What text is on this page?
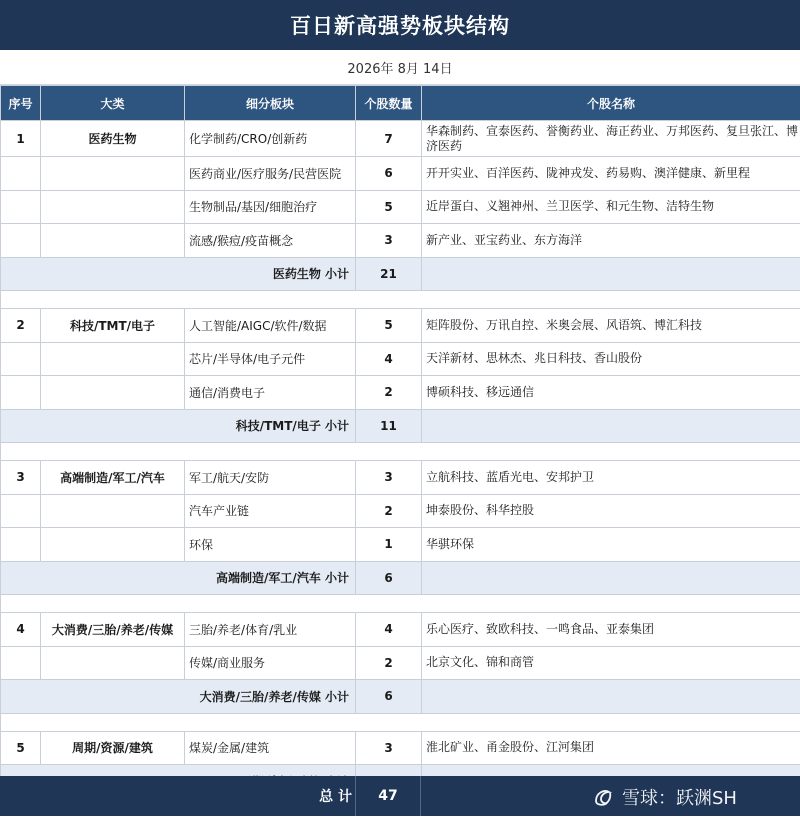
百日新高强势板块结构
2026年 8月 14日
序号	大类	细分板块	个股数量	个股名称
1	医药生物	化学制药/CRO/创新药	7	华森制药、宣泰医药、誉衡药业、海正药业、万邦医药、复旦张江、博济医药
		医药商业/医疗服务/民营医院	6	开开实业、百洋医药、陇神戎发、药易购、澳洋健康、新里程
		生物制品/基因/细胞治疗	5	近岸蛋白、义翘神州、兰卫医学、和元生物、洁特生物
		流感/猴痘/疫苗概念	3	新产业、亚宝药业、东方海洋
医药生物 小计			21	

2	科技/TMT/电子	人工智能/AIGC/软件/数据	5	矩阵股份、万讯自控、米奥会展、风语筑、博汇科技
		芯片/半导体/电子元件	4	天洋新材、思林杰、兆日科技、香山股份
		通信/消费电子	2	博硕科技、移远通信
科技/TMT/电子 小计			11	

3	高端制造/军工/汽车	军工/航天/安防	3	立航科技、蓝盾光电、安邦护卫
		汽车产业链	2	坤泰股份、科华控股
		环保	1	华骐环保
高端制造/军工/汽车 小计			6	

4	大消费/三胎/养老/传媒	三胎/养老/体育/乳业	4	乐心医疗、致欧科技、一鸣食品、亚泰集团
		传媒/商业服务	2	北京文化、锦和商管
大消费/三胎/养老/传媒 小计			6	

5	周期/资源/建筑	煤炭/金属/建筑	3	淮北矿业、甬金股份、江河集团

总 计	47	雪球：跃渊SH
